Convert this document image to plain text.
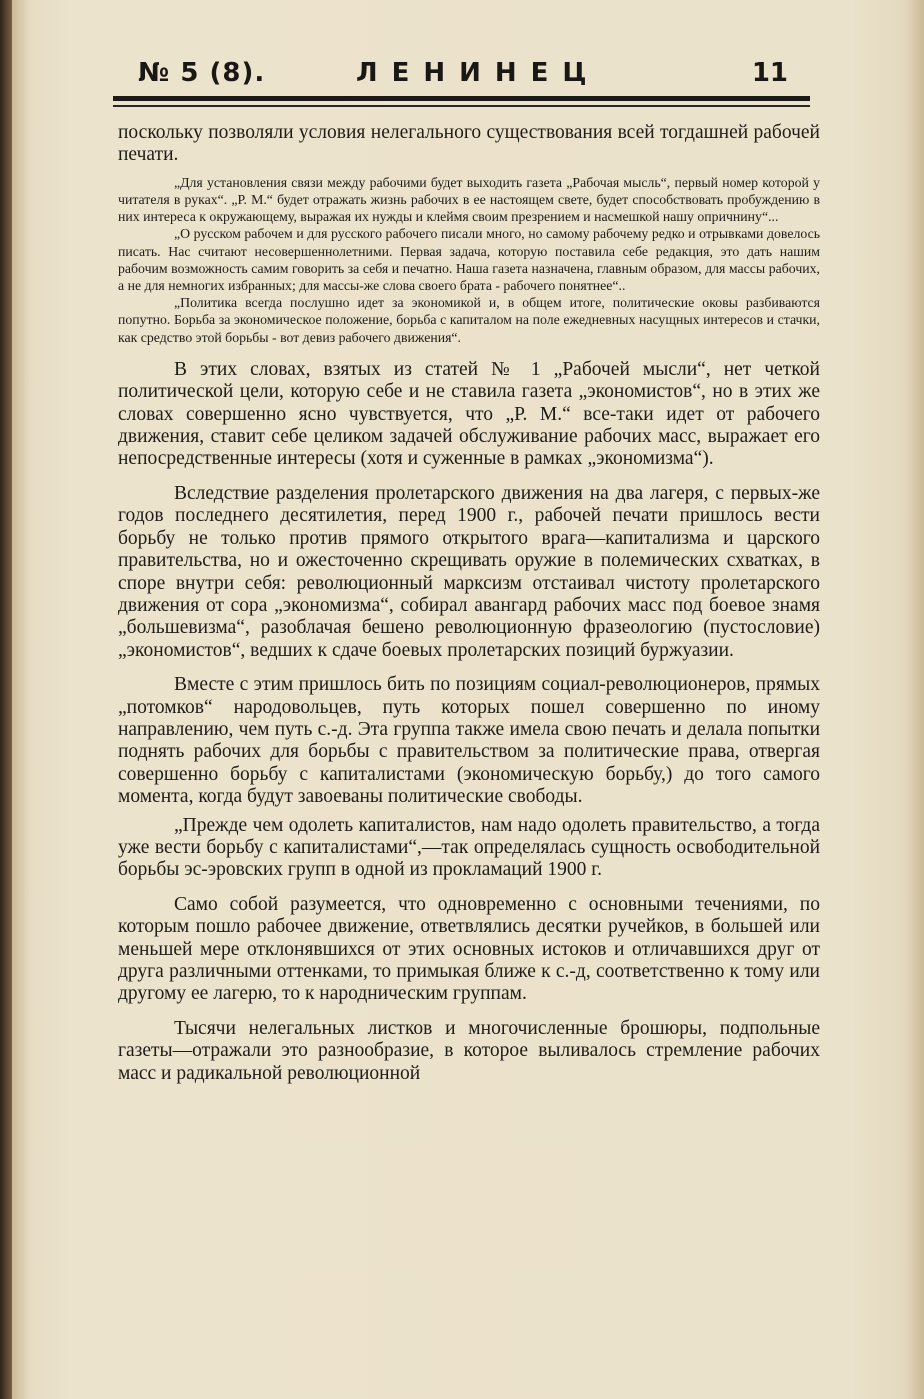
№ 5 (8).	ЛЕНИНЕЦ	11

поскольку позволяли условия нелегального существования всей тогдашней рабочей печати.

„Для установления связи между рабочими будет выходить газета „Рабочая мысль“, первый номер которой у читателя в руках“. „Р. М.“ будет отражать жизнь рабочих в ее настоящем свете, будет способствовать пробуждению в них интереса к окружающему, выражая их нужды и клеймя своим презрением и насмешкой нашу опричнину“...

„О русском рабочем и для русского рабочего писали много, но самому рабочему редко и отрывками довелось писать. Нас считают несовершеннолетними. Первая задача, которую поставила себе редакция, это дать нашим рабочим возможность самим говорить за себя и печатно. Наша газета назначена, главным образом, для массы рабочих, а не для немногих избранных; для массы-же слова своего брата - рабочего понятнее“..

„Политика всегда послушно идет за экономикой и, в общем итоге, политические оковы разбиваются попутно. Борьба за экономическое положение, борьба с капиталом на поле ежедневных насущных интересов и стачки, как средство этой борьбы - вот девиз рабочего движения“.

В этих словах, взятых из статей № 1 „Рабочей мысли“, нет четкой политической цели, которую себе и не ставила газета „экономистов“, но в этих же словах совершенно ясно чувствуется, что „Р. М.“ все-таки идет от рабочего движения, ставит себе целиком задачей обслуживание рабочих масс, выражает его непосредственные интересы (хотя и суженные в рамках „экономизма“).

Вследствие разделения пролетарского движения на два лагеря, с первых-же годов последнего десятилетия, перед 1900 г., рабочей печати пришлось вести борьбу не только против прямого открытого врага—капитализма и царского правительства, но и ожесточенно скрещивать оружие в полемических схватках, в споре внутри себя: революционный марксизм отстаивал чистоту пролетарского движения от сора „экономизма“, собирал авангард рабочих масс под боевое знамя „большевизма“, разоблачая бешено революционную фразеологию (пустословие) „экономистов“, ведших к сдаче боевых пролетарских позиций буржуазии.

Вместе с этим пришлось бить по позициям социал-революционеров, прямых „потомков“ народовольцев, путь которых пошел совершенно по иному направлению, чем путь с.-д. Эта группа также имела свою печать и делала попытки поднять рабочих для борьбы с правительством за политические права, отвергая совершенно борьбу с капиталистами (экономическую борьбу,) до того самого момента, когда будут завоеваны политические свободы.

„Прежде чем одолеть капиталистов, нам надо одолеть правительство, а тогда уже вести борьбу с капиталистами“,—так определялась сущность освободительной борьбы эс-эровских групп в одной из прокламаций 1900 г.

Само собой разумеется, что одновременно с основными течениями, по которым пошло рабочее движение, ответвлялись десятки ручейков, в большей или меньшей мере отклонявшихся от этих основных истоков и отличавшихся друг от друга различными оттенками, то примыкая ближе к с.-д, соответственно к тому или другому ее лагерю, то к народническим группам.

Тысячи нелегальных листков и многочисленные брошюры, подпольные газеты—отражали это разнообразие, в которое выливалось стремление рабочих масс и радикальной революционной
